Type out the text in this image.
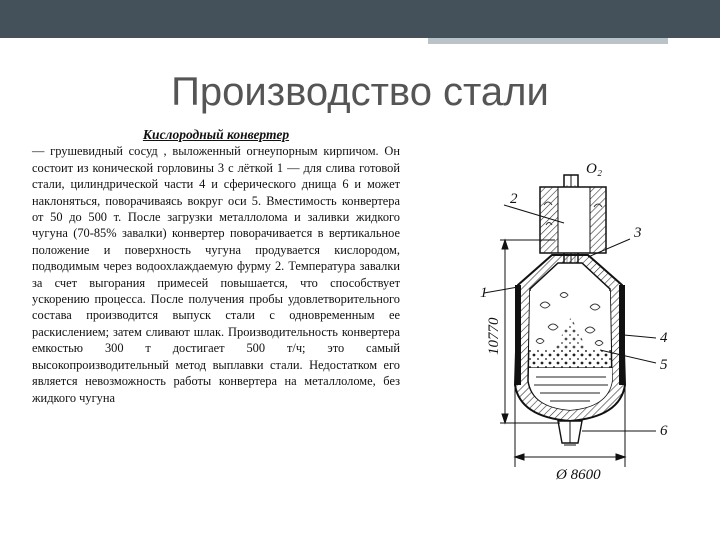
Производство стали
Кислородный конвертер
— грушевидный сосуд , выложенный огнеупорным кирпичом. Он состоит из конической горловины 3 с лёткой 1 — для слива готовой стали, цилиндрической части 4 и сферического днища 6 и может наклоняться, поворачиваясь вокруг оси 5. Вместимость конвертера от 50 до 500 т. После загрузки металлолома и заливки жидкого чугуна (70-85% завалки) конвертер поворачивается в вертикальное положение и поверхность чугуна продувается кислородом, подводимым через водоохлаждаемую фурму 2. Температура завалки за счет выгорания примесей повышается, что способствует ускорению процесса. После получения пробы удовлетворительного состава производится выпуск стали с одновременным ее раскислением; затем сливают шлак. Производительность конвертера емкостью 300 т достигает 500 т/ч; это самый высокопроизводительный метод выплавки стали. Недостатком его является невозможность работы конвертера на металлоломе, без жидкого чугуна
O₂
1
2
3
4
5
6
10770
Ø 8600
